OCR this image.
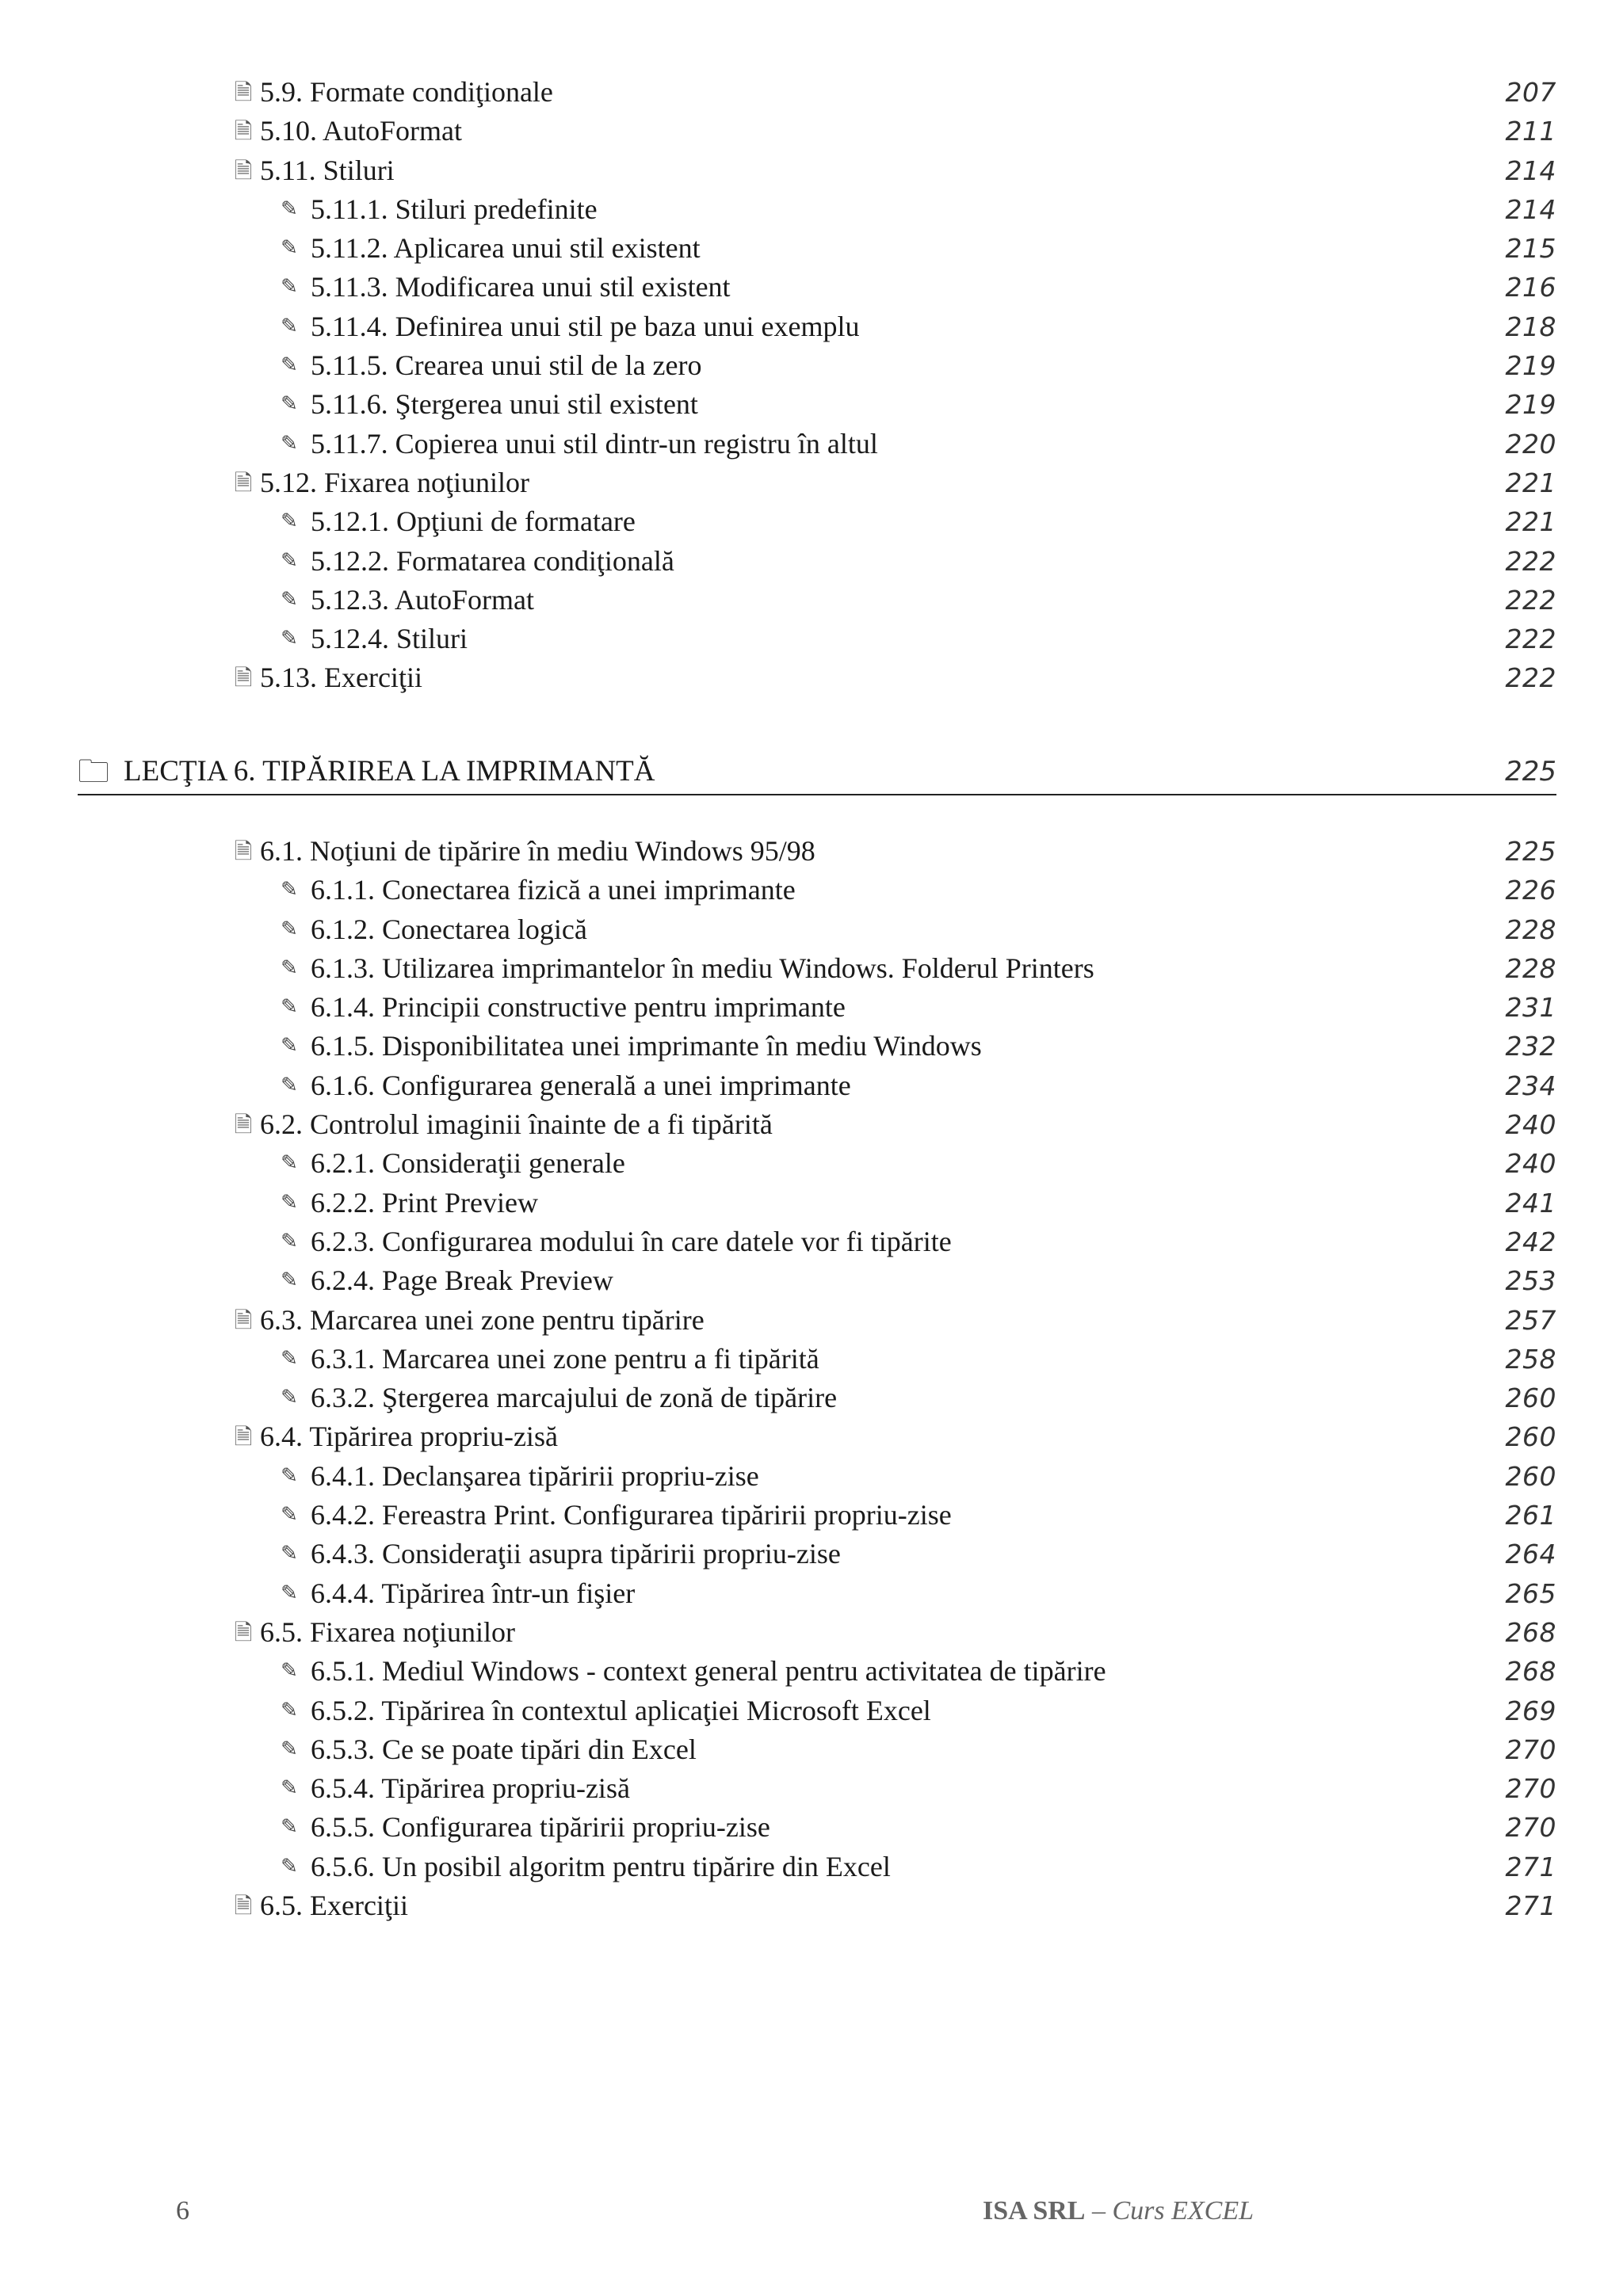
🗎 5.9. Formate condiţionale	207
🗎 5.10. AutoFormat	211
🗎 5.11. Stiluri	214
✎ 5.11.1. Stiluri predefinite	214
✎ 5.11.2. Aplicarea unui stil existent	215
✎ 5.11.3. Modificarea unui stil existent	216
✎ 5.11.4. Definirea unui stil pe baza unui exemplu	218
✎ 5.11.5. Crearea unui stil de la zero	219
✎ 5.11.6. Ştergerea unui stil existent	219
✎ 5.11.7. Copierea unui stil dintr-un registru în altul	220
🗎 5.12. Fixarea noţiunilor	221
✎ 5.12.1. Opţiuni de formatare	221
✎ 5.12.2. Formatarea condiţională	222
✎ 5.12.3. AutoFormat	222
✎ 5.12.4. Stiluri	222
🗎 5.13. Exerciţii	222
🗀 LECŢIA 6. TIPĂRIREA LA IMPRIMANTĂ	225
🗎 6.1. Noţiuni de tipărire în mediu Windows 95/98	225
✎ 6.1.1. Conectarea fizică a unei imprimante	226
✎ 6.1.2. Conectarea logică	228
✎ 6.1.3. Utilizarea imprimantelor în mediu Windows. Folderul Printers	228
✎ 6.1.4. Principii constructive pentru imprimante	231
✎ 6.1.5. Disponibilitatea unei imprimante în mediu Windows	232
✎ 6.1.6. Configurarea generală a unei imprimante	234
🗎 6.2. Controlul imaginii înainte de a fi tipărită	240
✎ 6.2.1. Consideraţii generale	240
✎ 6.2.2. Print Preview	241
✎ 6.2.3. Configurarea modului în care datele vor fi tipărite	242
✎ 6.2.4. Page Break Preview	253
🗎 6.3. Marcarea unei zone pentru tipărire	257
✎ 6.3.1. Marcarea unei zone pentru a fi tipărită	258
✎ 6.3.2. Ştergerea marcajului de zonă de tipărire	260
🗎 6.4. Tipărirea propriu-zisă	260
✎ 6.4.1. Declanşarea tipăririi propriu-zise	260
✎ 6.4.2. Fereastra Print. Configurarea tipăririi propriu-zise	261
✎ 6.4.3. Consideraţii asupra tipăririi propriu-zise	264
✎ 6.4.4. Tipărirea într-un fişier	265
🗎 6.5. Fixarea noţiunilor	268
✎ 6.5.1. Mediul Windows - context general pentru activitatea de tipărire	268
✎ 6.5.2. Tipărirea în contextul aplicaţiei Microsoft Excel	269
✎ 6.5.3. Ce se poate tipări din Excel	270
✎ 6.5.4. Tipărirea propriu-zisă	270
✎ 6.5.5. Configurarea tipăririi propriu-zise	270
✎ 6.5.6. Un posibil algoritm pentru tipărire din Excel	271
🗎 6.5. Exerciţii	271
6	ISA SRL – Curs EXCEL
